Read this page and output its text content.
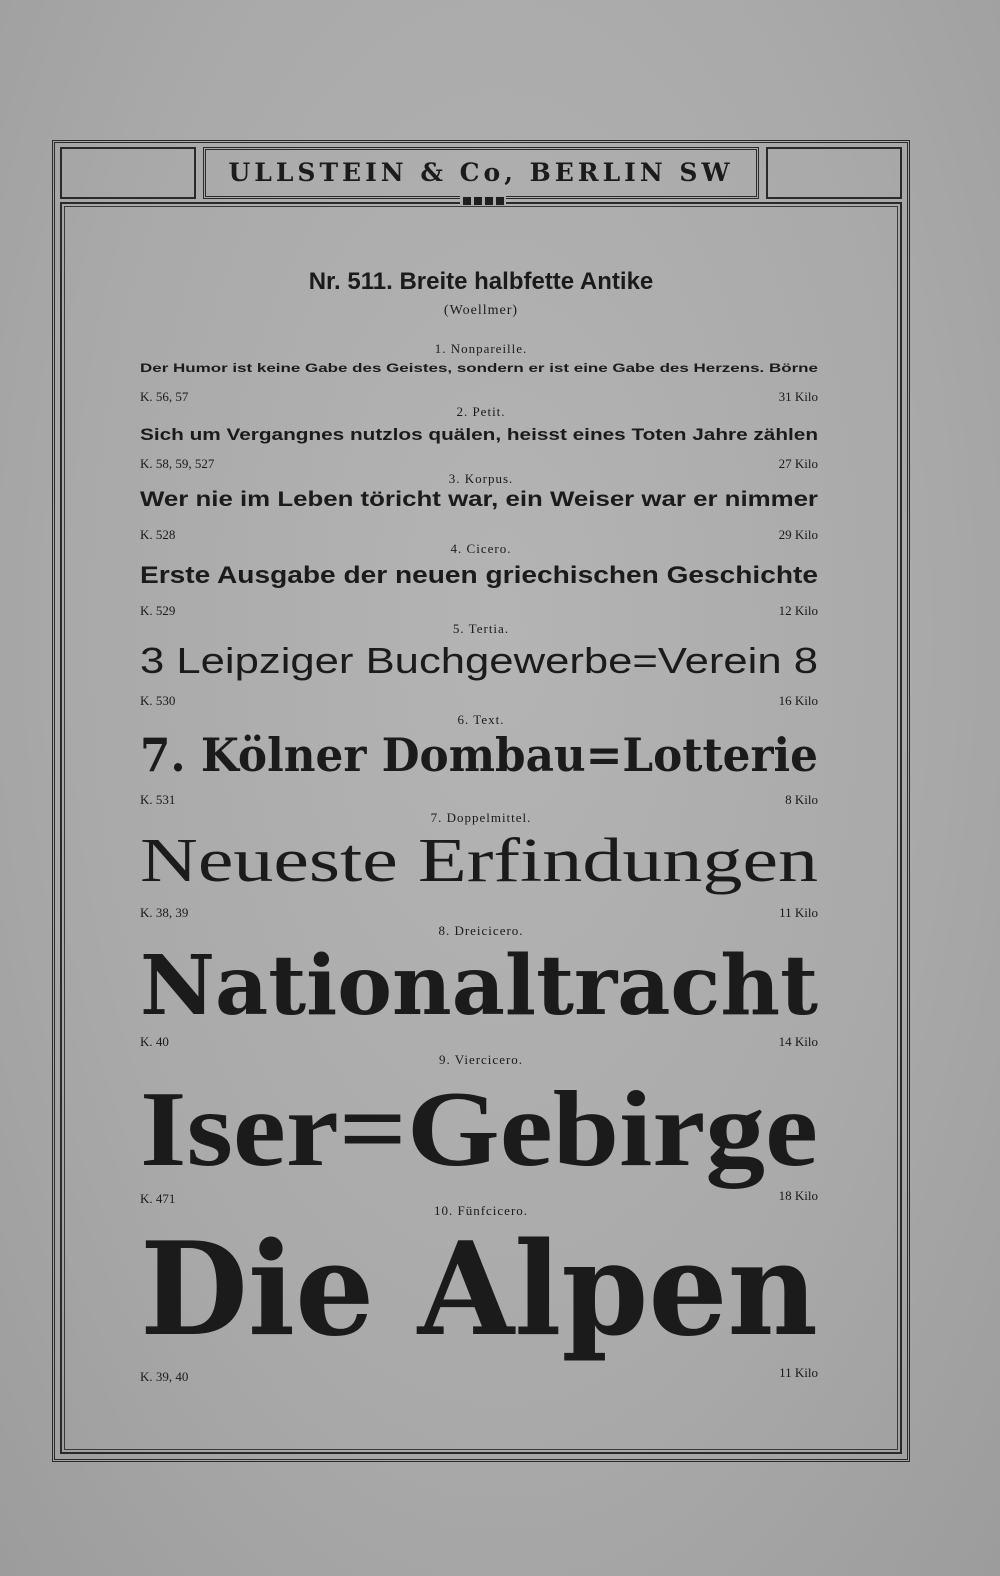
ULLSTEIN & Co, BERLIN SW
Nr. 511. Breite halbfette Antike
(Woellmer)
1. Nonpareille.
Der Humor ist keine Gabe des Geistes, sondern er ist eine Gabe des Herzens. Börne
K. 56, 57	31 Kilo
2. Petit.
Sich um Vergangnes nutzlos quälen, heisst eines Toten Jahre zählen
K. 58, 59, 527	27 Kilo
3. Korpus.
Wer nie im Leben töricht war, ein Weiser war er nimmer
K. 528	29 Kilo
4. Cicero.
Erste Ausgabe der neuen griechischen Geschichte
K. 529	12 Kilo
5. Tertia.
3 Leipziger Buchgewerbe=Verein 8
K. 530	16 Kilo
6. Text.
7. Kölner Dombau=Lotterie
K. 531	8 Kilo
7. Doppelmittel.
Neueste Erfindungen
K. 38, 39	11 Kilo
8. Dreicicero.
Nationaltracht
K. 40	14 Kilo
9. Viercicero.
Iser=Gebirge
K. 471	18 Kilo
10. Fünfcicero.
Die Alpen
K. 39, 40	11 Kilo
